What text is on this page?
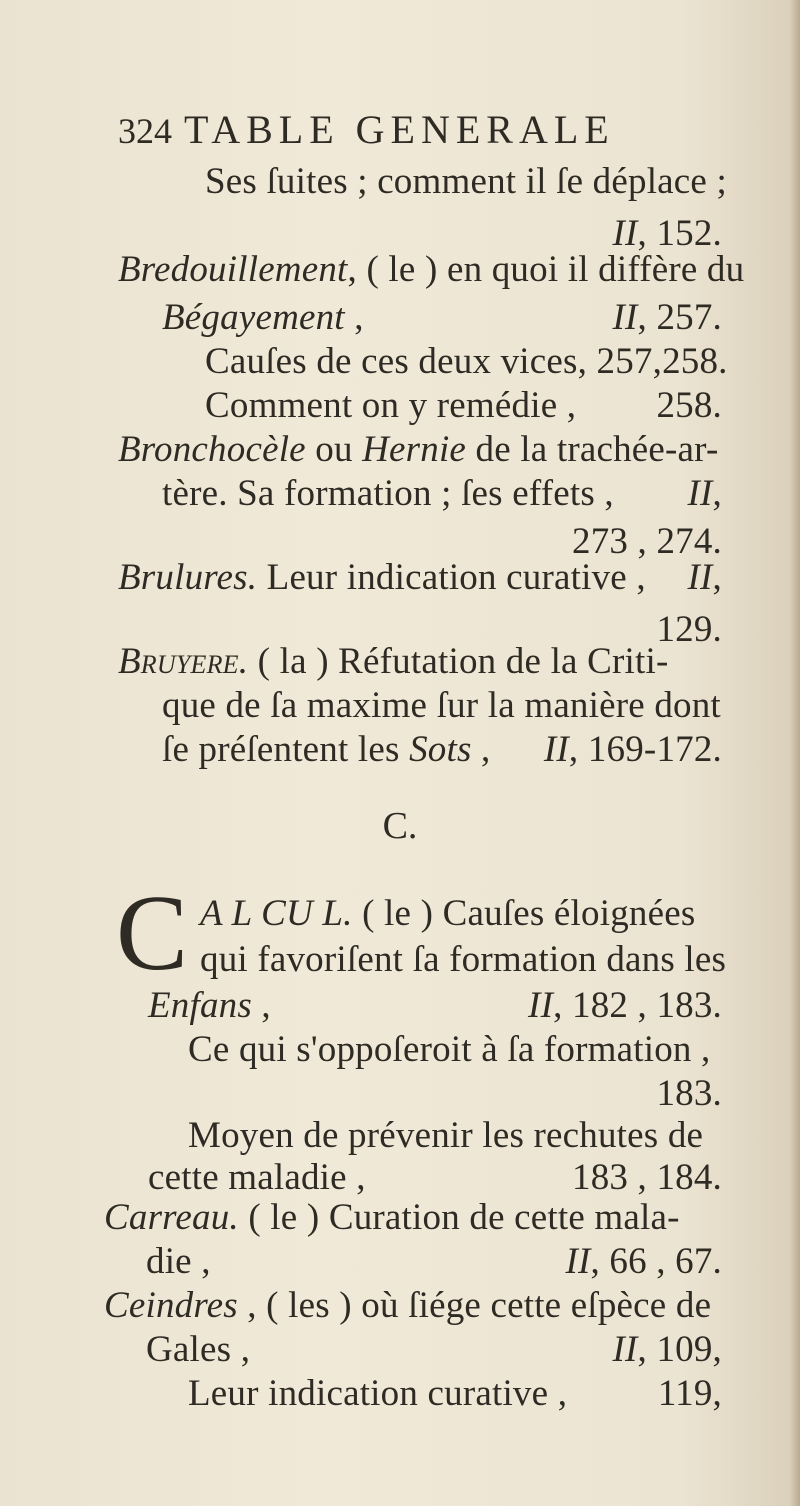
324 TABLE GENERALE
Ses ſuites ; comment il ſe déplace ;
II, 152.
Bredouillement, ( le ) en quoi il diffère du
Bégayement ,	II, 257.
Cauſes de ces deux vices, 257,258.
Comment on y remédie , 258.
Bronchocèle ou Hernie de la trachée-ar-
tère. Sa formation ; ſes effets , II,
273 , 274.
Brulures. Leur indication curative , II,
129.
Bruyere. ( la ) Réfutation de la Criti-
que de ſa maxime ſur la manière dont
ſe préſentent les Sots , II, 169-172.
C.
C A L CU L. ( le ) Cauſes éloignées
qui favoriſent ſa formation dans les
Enfans ,	II, 182 , 183.
Ce qui s'oppoſeroit à ſa formation ,
183.
Moyen de prévenir les rechutes de
cette maladie ,	183 , 184.
Carreau. ( le ) Curation de cette mala-
die ,	II, 66 , 67.
Ceindres , ( les ) où ſiége cette eſpèce de
Gales ,	II, 109,
Leur indication curative , 119,
